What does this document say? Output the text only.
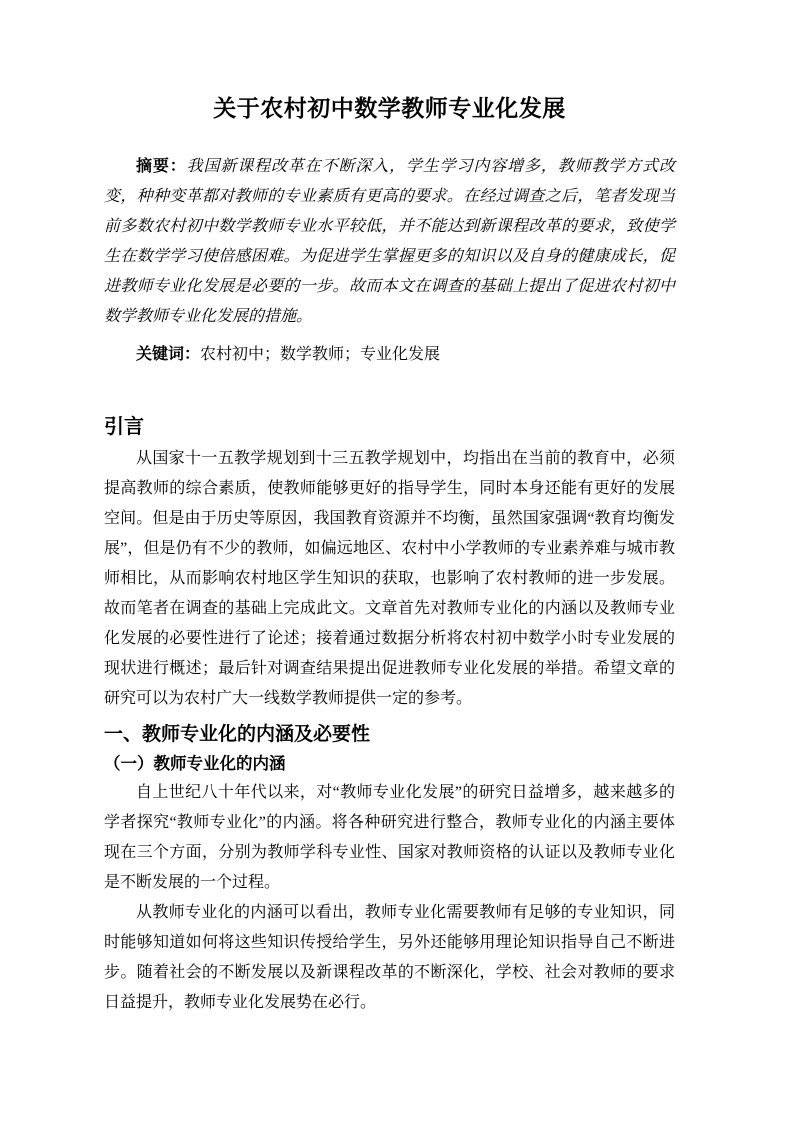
关于农村初中数学教师专业化发展

摘要：我国新课程改革在不断深入，学生学习内容增多，教师教学方式改变，种种变革都对教师的专业素质有更高的要求。在经过调查之后，笔者发现当前多数农村初中数学教师专业水平较低，并不能达到新课程改革的要求，致使学生在数学学习使倍感困难。为促进学生掌握更多的知识以及自身的健康成长，促进教师专业化发展是必要的一步。故而本文在调查的基础上提出了促进农村初中数学教师专业化发展的措施。

关键词：农村初中；数学教师；专业化发展

引言

从国家十一五教学规划到十三五教学规划中，均指出在当前的教育中，必须提高教师的综合素质，使教师能够更好的指导学生，同时本身还能有更好的发展空间。但是由于历史等原因，我国教育资源并不均衡，虽然国家强调“教育均衡发展”，但是仍有不少的教师，如偏远地区、农村中小学教师的专业素养难与城市教师相比，从而影响农村地区学生知识的获取，也影响了农村教师的进一步发展。故而笔者在调查的基础上完成此文。文章首先对教师专业化的内涵以及教师专业化发展的必要性进行了论述；接着通过数据分析将农村初中数学小时专业发展的现状进行概述；最后针对调查结果提出促进教师专业化发展的举措。希望文章的研究可以为农村广大一线数学教师提供一定的参考。

一、教师专业化的内涵及必要性
（一）教师专业化的内涵

自上世纪八十年代以来，对“教师专业化发展”的研究日益增多，越来越多的学者探究“教师专业化”的内涵。将各种研究进行整合，教师专业化的内涵主要体现在三个方面，分别为教师学科专业性、国家对教师资格的认证以及教师专业化是不断发展的一个过程。

从教师专业化的内涵可以看出，教师专业化需要教师有足够的专业知识，同时能够知道如何将这些知识传授给学生，另外还能够用理论知识指导自己不断进步。随着社会的不断发展以及新课程改革的不断深化，学校、社会对教师的要求日益提升，教师专业化发展势在必行。
